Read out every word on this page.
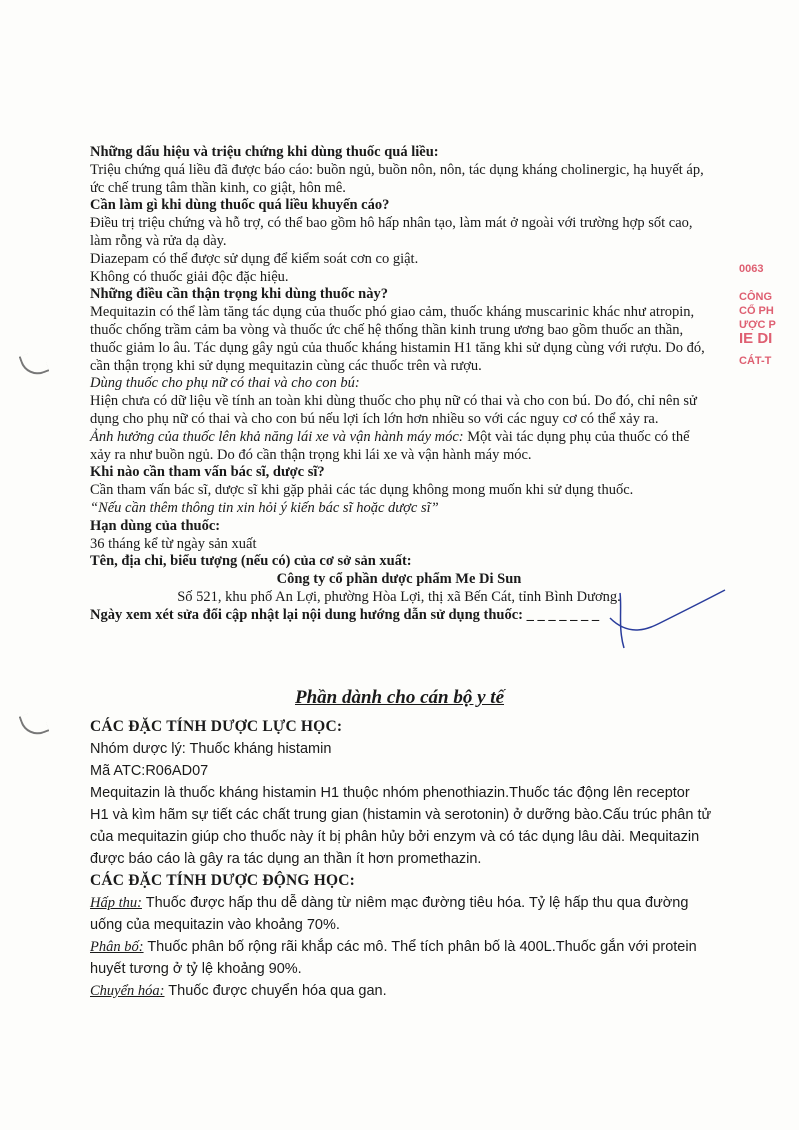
Những dấu hiệu và triệu chứng khi dùng thuốc quá liều:

Triệu chứng quá liều đã được báo cáo: buồn ngủ, buồn nôn, nôn, tác dụng kháng cholinergic, hạ huyết áp, ức chế trung tâm thần kinh, co giật, hôn mê.

Cần làm gì khi dùng thuốc quá liều khuyến cáo?

Điều trị triệu chứng và hỗ trợ, có thể bao gồm hô hấp nhân tạo, làm mát ở ngoài với trường hợp sốt cao, làm rỗng và rửa dạ dày.

Diazepam có thể được sử dụng để kiểm soát cơn co giật.

Không có thuốc giải độc đặc hiệu.

Những điều cần thận trọng khi dùng thuốc này?

Mequitazin có thể làm tăng tác dụng của thuốc phó giao cảm, thuốc kháng muscarinic khác như atropin, thuốc chống trầm cảm ba vòng và thuốc ức chế hệ thống thần kinh trung ương bao gồm thuốc an thần, thuốc giảm lo âu. Tác dụng gây ngủ của thuốc kháng histamin H1 tăng khi sử dụng cùng với rượu. Do đó, cần thận trọng khi sử dụng mequitazin cùng các thuốc trên và rượu.

Dùng thuốc cho phụ nữ có thai và cho con bú:

Hiện chưa có dữ liệu về tính an toàn khi dùng thuốc cho phụ nữ có thai và cho con bú. Do đó, chỉ nên sử dụng cho phụ nữ có thai và cho con bú nếu lợi ích lớn hơn nhiều so với các nguy cơ có thể xảy ra.

Ảnh hưởng của thuốc lên khả năng lái xe và vận hành máy móc: Một vài tác dụng phụ của thuốc có thể xảy ra như buồn ngủ. Do đó cần thận trọng khi lái xe và vận hành máy móc.

Khi nào cần tham vấn bác sĩ, dược sĩ?

Cần tham vấn bác sĩ, dược sĩ khi gặp phải các tác dụng không mong muốn khi sử dụng thuốc.

“Nếu cần thêm thông tin xin hỏi ý kiến bác sĩ hoặc dược sĩ”

Hạn dùng của thuốc:

36 tháng kể từ ngày sản xuất

Tên, địa chỉ, biểu tượng (nếu có) của cơ sở sản xuất:

Công ty cổ phần dược phẩm Me Di Sun

Số 521, khu phố An Lợi, phường Hòa Lợi, thị xã Bến Cát, tỉnh Bình Dương.

Ngày xem xét sửa đổi cập nhật lại nội dung hướng dẫn sử dụng thuốc: _ _ _ _ _ _ _

Phần dành cho cán bộ y tế

CÁC ĐẶC TÍNH DƯỢC LỰC HỌC:

Nhóm dược lý: Thuốc kháng histamin

Mã ATC:R06AD07

Mequitazin là thuốc kháng histamin H1 thuộc nhóm phenothiazin.Thuốc tác động lên receptor H1 và kìm hãm sự tiết các chất trung gian (histamin và serotonin) ở dưỡng bào.Cấu trúc phân tử của mequitazin giúp cho thuốc này ít bị phân hủy bởi enzym và có tác dụng lâu dài. Mequitazin được báo cáo là gây ra tác dụng an thần ít hơn promethazin.

CÁC ĐẶC TÍNH DƯỢC ĐỘNG HỌC:

Hấp thu: Thuốc được hấp thu dễ dàng từ niêm mạc đường tiêu hóa. Tỷ lệ hấp thu qua đường uống của mequitazin vào khoảng 70%.

Phân bố: Thuốc phân bố rộng rãi khắp các mô. Thể tích phân bố là 400L.Thuốc gắn với protein huyết tương ở tỷ lệ khoảng 90%.

Chuyển hóa: Thuốc được chuyển hóa qua gan.

0063
CÔNG
CỔ PH
ƯỢC P
IE DI
CÁT-T
